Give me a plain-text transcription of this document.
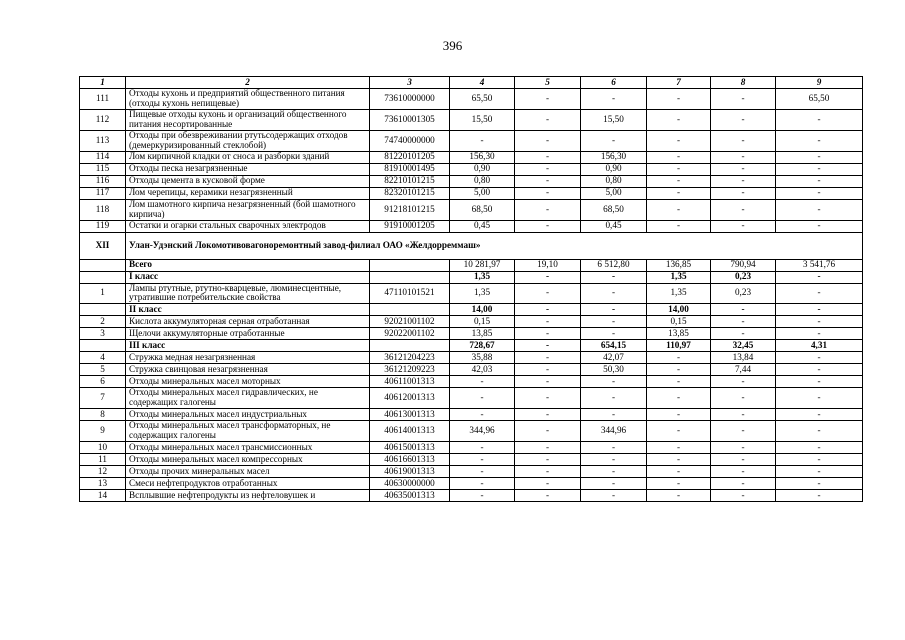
396
1	2	3	4	5	6	7	8	9
111	Отходы кухонь и предприятий общественного питания (отходы кухонь непищевые)	73610000000	65,50	-	-	-	-	65,50
112	Пищевые отходы кухонь и организаций общественного питания несортированные	73610001305	15,50	-	15,50	-	-	-
113	Отходы при обезвреживании ртутьсодержащих отходов (демеркуризированный стеклобой)	74740000000	-	-	-	-	-	-
114	Лом кирпичной кладки от сноса и разборки зданий	81220101205	156,30	-	156,30	-	-	-
115	Отходы песка незагрязненные	81910001495	0,90	-	0,90	-	-	-
116	Отходы цемента в кусковой форме	82210101215	0,80	-	0,80	-	-	-
117	Лом черепицы, керамики незагрязненный	82320101215	5,00	-	5,00	-	-	-
118	Лом шамотного кирпича незагрязненный (бой шамотного кирпича)	91218101215	68,50	-	68,50	-	-	-
119	Остатки и огарки стальных сварочных электродов	91910001205	0,45	-	0,45	-	-	-
XII	Улан-Удэнский Локомотивовагоноремонтный завод-филиал ОАО «Желдорреммаш»							
	Всего		10 281,97	19,10	6 512,80	136,85	790,94	3 541,76
	I класс		1,35	-	-	1,35	0,23	-
1	Лампы ртутные, ртутно-кварцевые, люминесцентные, утратившие потребительские свойства	47110101521	1,35	-	-	1,35	0,23	-
	II класс		14,00	-	-	14,00	-	-
2	Кислота аккумуляторная серная отработанная	92021001102	0,15	-	-	0,15	-	-
3	Щелочи аккумуляторные отработанные	92022001102	13,85	-	-	13,85	-	-
	III класс		728,67	-	654,15	110,97	32,45	4,31
4	Стружка медная незагрязненная	36121204223	35,88	-	42,07	-	13,84	-
5	Стружка свинцовая незагрязненная	36121209223	42,03	-	50,30	-	7,44	-
6	Отходы минеральных масел моторных	40611001313	-	-	-	-	-	-
7	Отходы минеральных масел гидравлических, не содержащих галогены	40612001313	-	-	-	-	-	-
8	Отходы минеральных масел индустриальных	40613001313	-	-	-	-	-	-
9	Отходы минеральных масел трансформаторных, не содержащих галогены	40614001313	344,96	-	344,96	-	-	-
10	Отходы минеральных масел трансмиссионных	40615001313	-	-	-	-	-	-
11	Отходы минеральных масел компрессорных	40616601313	-	-	-	-	-	-
12	Отходы прочих минеральных масел	40619001313	-	-	-	-	-	-
13	Смеси нефтепродуктов отработанных	40630000000	-	-	-	-	-	-
14	Всплывшие нефтепродукты из нефтеловушек и	40635001313	-	-	-	-	-	-
